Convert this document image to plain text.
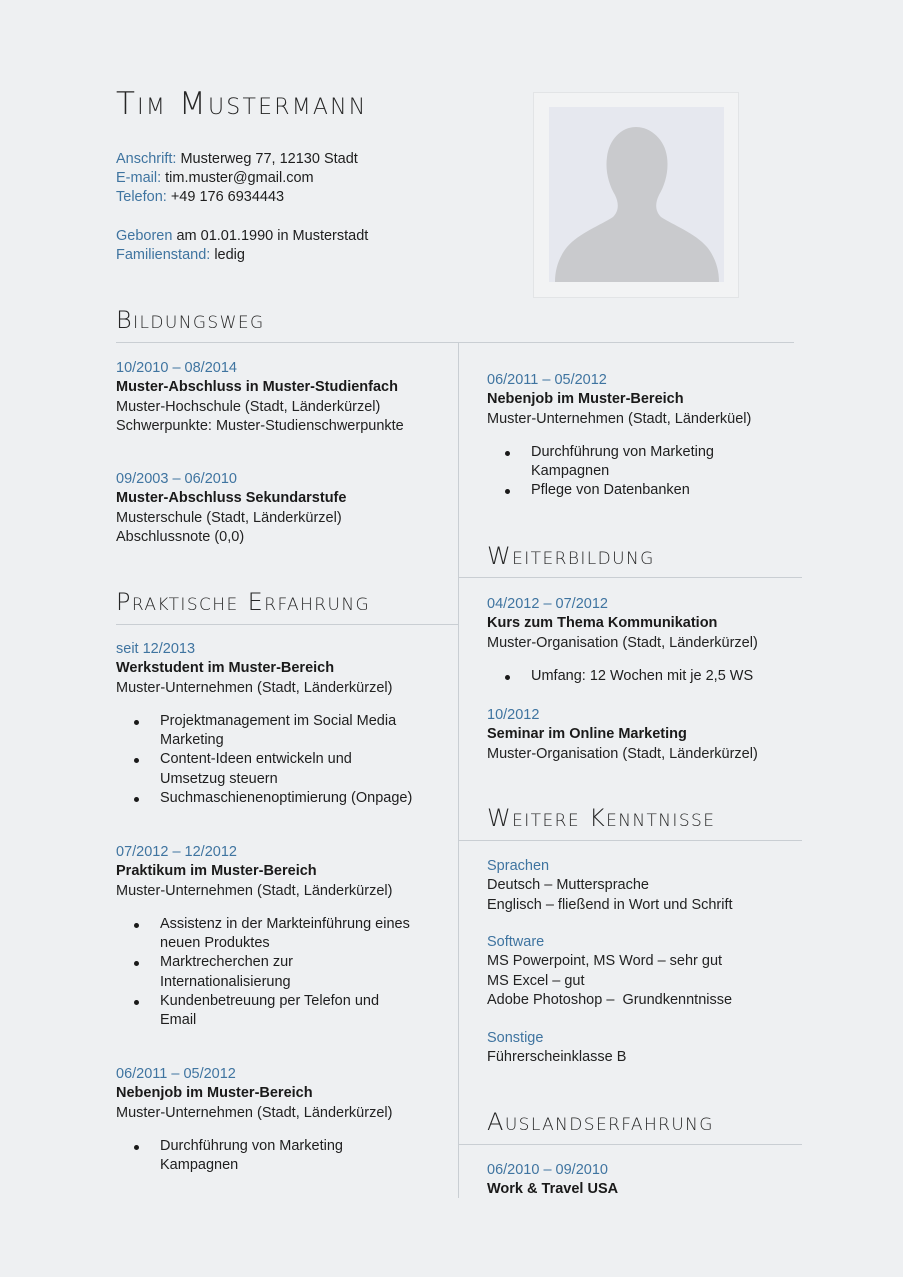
Tim Mustermann
Anschrift: Musterweg 77, 12130 Stadt
E-mail: tim.muster@gmail.com
Telefon: +49 176 6934443
Geboren am 01.01.1990 in Musterstadt
Familienstand: ledig
Bildungsweg
10/2010 – 08/2014
Muster-Abschluss in Muster-Studienfach
Muster-Hochschule (Stadt, Länderkürzel)
Schwerpunkte: Muster-Studienschwerpunkte
09/2003 – 06/2010
Muster-Abschluss Sekundarstufe
Musterschule (Stadt, Länderkürzel)
Abschlussnote (0,0)
Praktische Erfahrung
seit 12/2013
Werkstudent im Muster-Bereich
Muster-Unternehmen (Stadt, Länderkürzel)
Projektmanagement im Social Media Marketing
Content-Ideen entwickeln und Umsetzug steuern
Suchmaschienenoptimierung (Onpage)
07/2012 – 12/2012
Praktikum im Muster-Bereich
Muster-Unternehmen (Stadt, Länderkürzel)
Assistenz in der Markteinführung eines neuen Produktes
Marktrecherchen zur Internationalisierung
Kundenbetreuung per Telefon und Email
06/2011 – 05/2012
Nebenjob im Muster-Bereich
Muster-Unternehmen (Stadt, Länderkürzel)
Durchführung von Marketing Kampagnen
06/2011 – 05/2012
Nebenjob im Muster-Bereich
Muster-Unternehmen (Stadt, Länderküel)
Durchführung von Marketing Kampagnen
Pflege von Datenbanken
Weiterbildung
04/2012 – 07/2012
Kurs zum Thema Kommunikation
Muster-Organisation (Stadt, Länderkürzel)
Umfang: 12 Wochen mit je 2,5 WS
10/2012
Seminar im Online Marketing
Muster-Organisation (Stadt, Länderkürzel)
Weitere Kenntnisse
Sprachen
Deutsch – Muttersprache
Englisch – fließend in Wort und Schrift
Software
MS Powerpoint, MS Word – sehr gut
MS Excel – gut
Adobe Photoshop –  Grundkenntnisse
Sonstige
Führerscheinklasse B
Auslandserfahrung
06/2010 – 09/2010
Work & Travel USA
